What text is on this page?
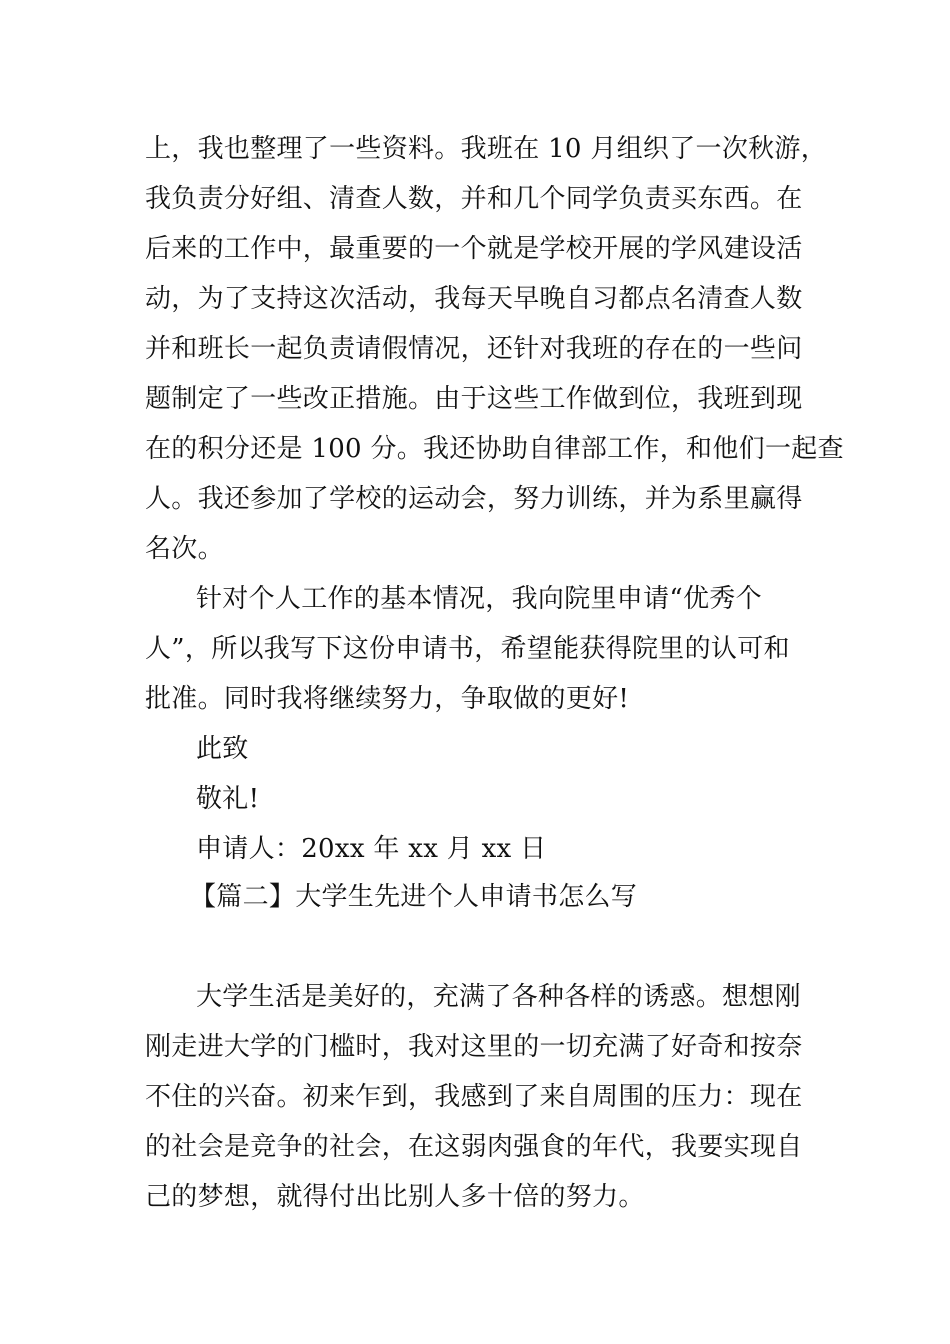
上，我也整理了一些资料。我班在 10 月组织了一次秋游，
我负责分好组、清查人数，并和几个同学负责买东西。在
后来的工作中，最重要的一个就是学校开展的学风建设活
动，为了支持这次活动，我每天早晚自习都点名清查人数
并和班长一起负责请假情况，还针对我班的存在的一些问
题制定了一些改正措施。由于这些工作做到位，我班到现
在的积分还是 100 分。我还协助自律部工作，和他们一起查
人。我还参加了学校的运动会，努力训练，并为系里赢得
名次。
针对个人工作的基本情况，我向院里申请“优秀个
人”，所以我写下这份申请书，希望能获得院里的认可和
批准。同时我将继续努力，争取做的更好!
此致
敬礼!
申请人：20xx 年 xx 月 xx 日
【篇二】大学生先进个人申请书怎么写
大学生活是美好的，充满了各种各样的诱惑。想想刚
刚走进大学的门槛时，我对这里的一切充满了好奇和按奈
不住的兴奋。初来乍到，我感到了来自周围的压力：现在
的社会是竞争的社会，在这弱肉强食的年代，我要实现自
己的梦想，就得付出比别人多十倍的努力。
